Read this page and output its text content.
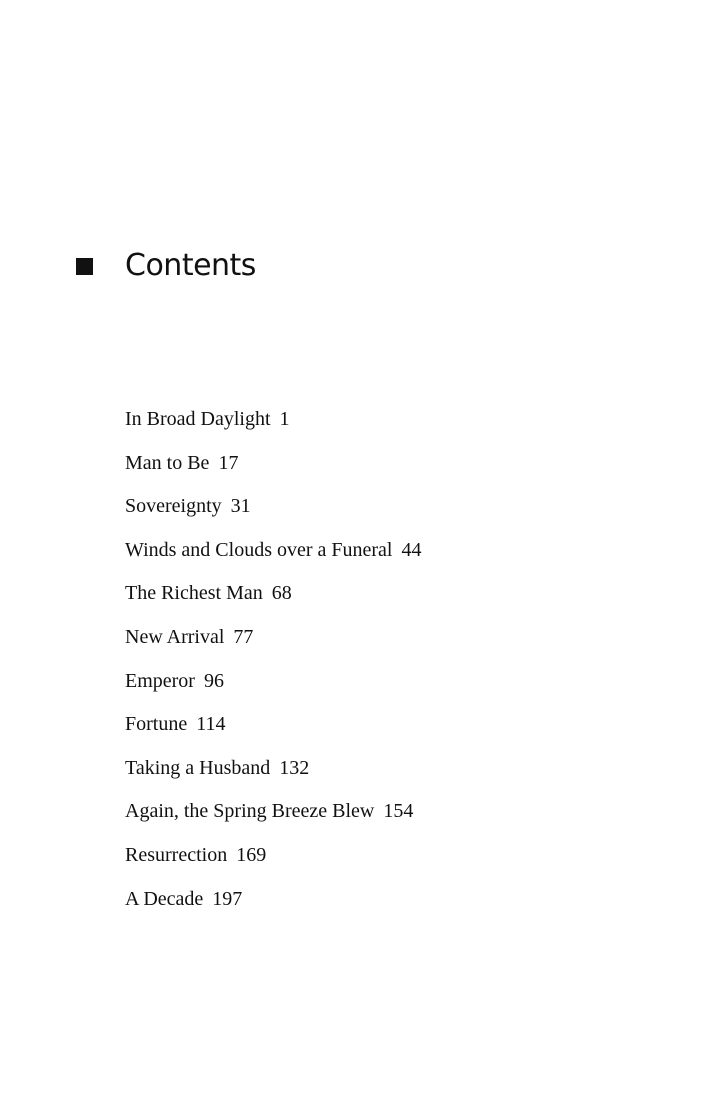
Contents
In Broad Daylight 1
Man to Be 17
Sovereignty 31
Winds and Clouds over a Funeral 44
The Richest Man 68
New Arrival 77
Emperor 96
Fortune 114
Taking a Husband 132
Again, the Spring Breeze Blew 154
Resurrection 169
A Decade 197
